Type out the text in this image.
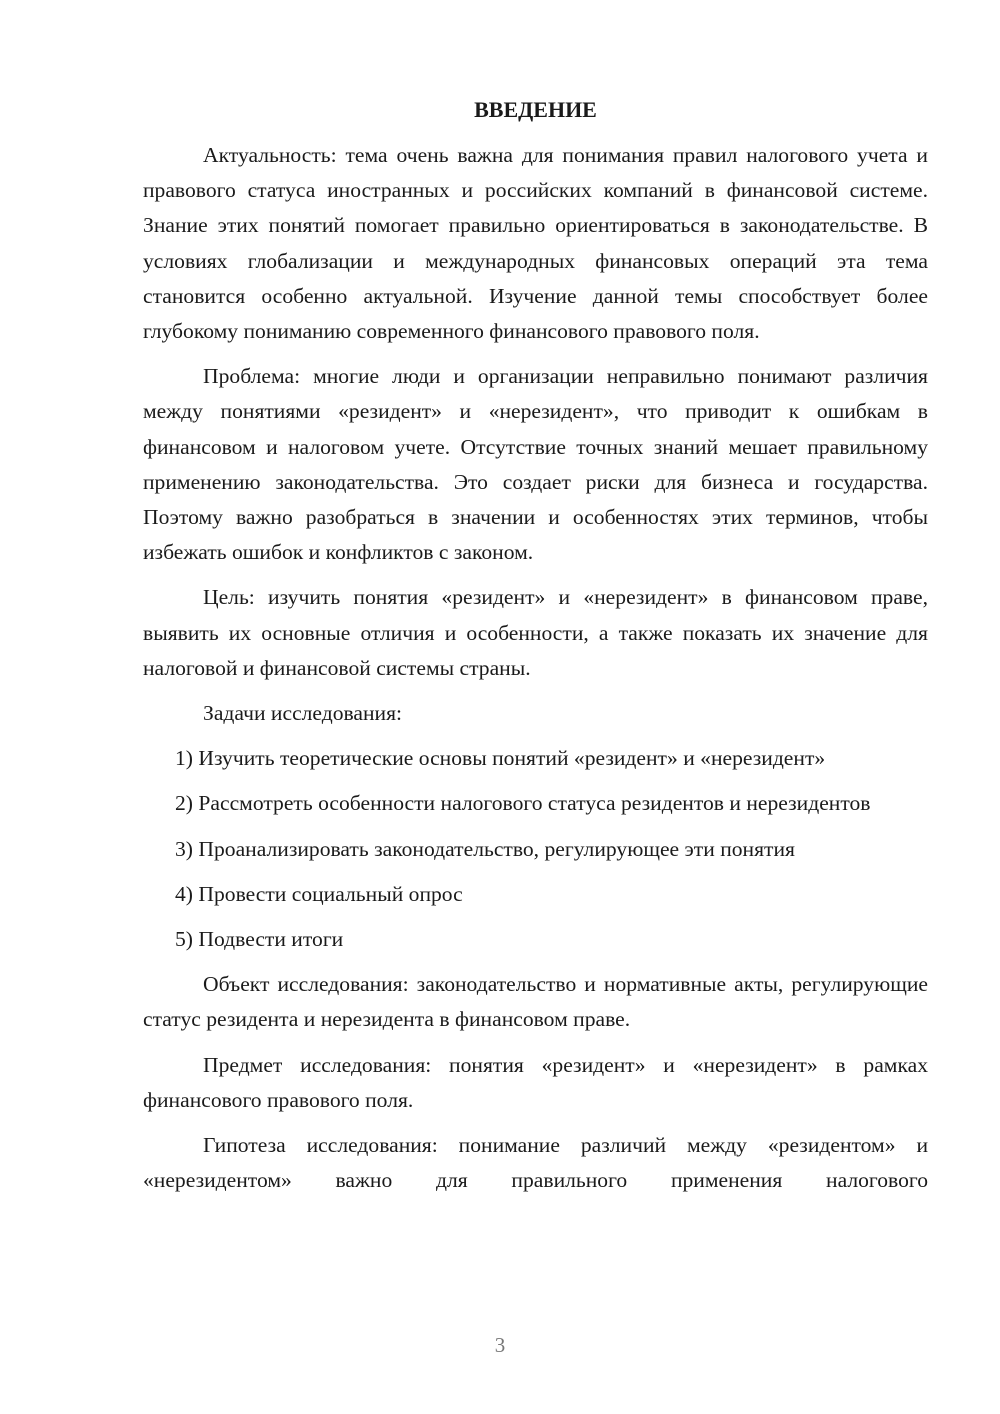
ВВЕДЕНИЕ

Актуальность: тема очень важна для понимания правил налогового учета и правового статуса иностранных и российских компаний в финансовой системе. Знание этих понятий помогает правильно ориентироваться в законодательстве. В условиях глобализации и международных финансовых операций эта тема становится особенно актуальной. Изучение данной темы способствует более глубокому пониманию современного финансового правового поля.

Проблема: многие люди и организации неправильно понимают различия между понятиями «резидент» и «нерезидент», что приводит к ошибкам в финансовом и налоговом учете. Отсутствие точных знаний мешает правильному применению законодательства. Это создает риски для бизнеса и государства. Поэтому важно разобраться в значении и особенностях этих терминов, чтобы избежать ошибок и конфликтов с законом.

Цель: изучить понятия «резидент» и «нерезидент» в финансовом праве, выявить их основные отличия и особенности, а также показать их значение для налоговой и финансовой системы страны.

Задачи исследования:

1) Изучить теоретические основы понятий «резидент» и «нерезидент»

2) Рассмотреть особенности налогового статуса резидентов и нерезидентов

3) Проанализировать законодательство, регулирующее эти понятия

4) Провести социальный опрос

5) Подвести итоги

Объект исследования: законодательство и нормативные акты, регулирующие статус резидента и нерезидента в финансовом праве.

Предмет исследования: понятия «резидент» и «нерезидент» в рамках финансового правового поля.

Гипотеза исследования: понимание различий между «резидентом» и «нерезидентом» важно для правильного применения налогового

3
